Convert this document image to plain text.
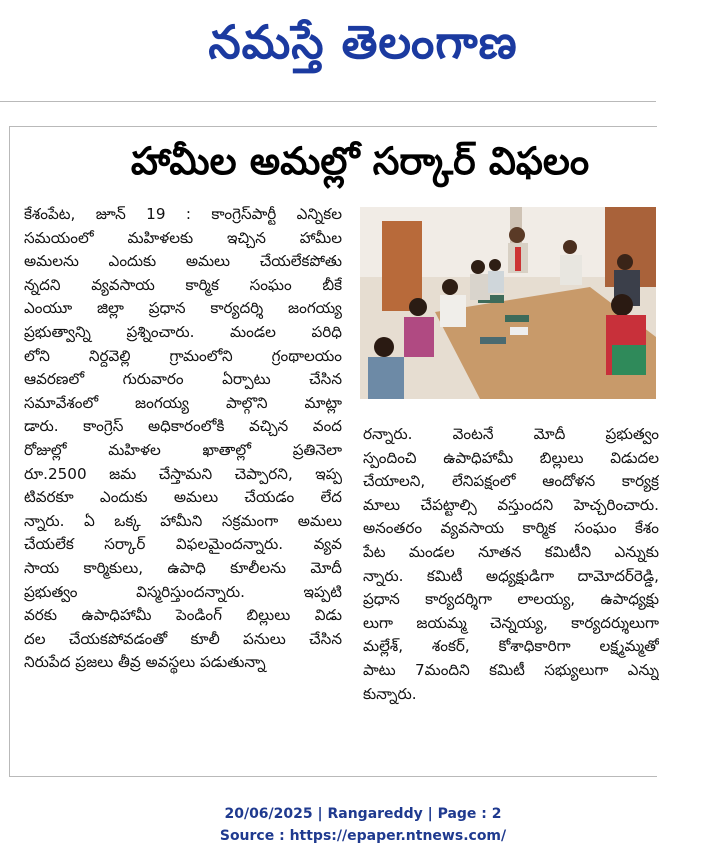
నమస్తే తెలంగాణ
హామీల అమల్లో సర్కార్ విఫలం
కేశంపేట, జూన్ 19 : కాంగ్రెస్‌పార్టీ ఎన్నికల
సమయంలో మహిళలకు ఇచ్చిన హామీల
అమలను ఎందుకు అమలు చేయలేకపోతు
న్నదని వ్యవసాయ కార్మిక సంఘం బీకే
ఎంయూ జిల్లా ప్రధాన కార్యదర్శి జంగయ్య
ప్రభుత్వాన్ని ప్రశ్నించారు. మండల పరిధి
లోని నిర్దవెల్లి గ్రామంలోని గ్రంథాలయం
ఆవరణలో గురువారం ఏర్పాటు చేసిన
సమావేశంలో జంగయ్య పాల్గొని మాట్లా
డారు. కాంగ్రెస్ అధికారంలోకి వచ్చిన వంద
రోజుల్లో మహిళల ఖాతాల్లో ప్రతినెలా
రూ.2500 జమ చేస్తామని చెప్పారని, ఇప్ప
టివరకూ ఎందుకు అమలు చేయడం లేద
న్నారు. ఏ ఒక్క హామీని సక్రమంగా అమలు
చేయలేక సర్కార్ విఫలమైందన్నారు. వ్యవ
సాయ కార్మికులు, ఉపాధి కూలీలను మోదీ
ప్రభుత్వం విస్మరిస్తుందన్నారు. ఇప్పటి
వరకు ఉపాధిహామీ పెండింగ్ బిల్లులు విడు
దల చేయకపోవడంతో కూలీ పనులు చేసిన
నిరుపేద ప్రజలు తీవ్ర అవస్థలు పడుతున్నా
రన్నారు. వెంటనే మోదీ ప్రభుత్వం
స్పందించి ఉపాధిహామీ బిల్లులు విడుదల
చేయాలని, లేనిపక్షంలో ఆందోళన కార్యక్ర
మాలు చేపట్టాల్సి వస్తుందని హెచ్చరించారు.
అనంతరం వ్యవసాయ కార్మిక సంఘం కేశం
పేట మండల నూతన కమిటీని ఎన్నుకు
న్నారు. కమిటీ అధ్యక్షుడిగా దామోదర్‌రెడ్డి,
ప్రధాన కార్యదర్శిగా లాలయ్య, ఉపాధ్యక్షు
లుగా జయమ్మ చెన్నయ్య, కార్యదర్శులుగా
మల్లేశ్, శంకర్, కోశాధికారిగా లక్ష్మమ్మతో
పాటు 7మందిని కమిటీ సభ్యులుగా ఎన్ను
కున్నారు.
20/06/2025 | Rangareddy | Page : 2
Source : https://epaper.ntnews.com/
